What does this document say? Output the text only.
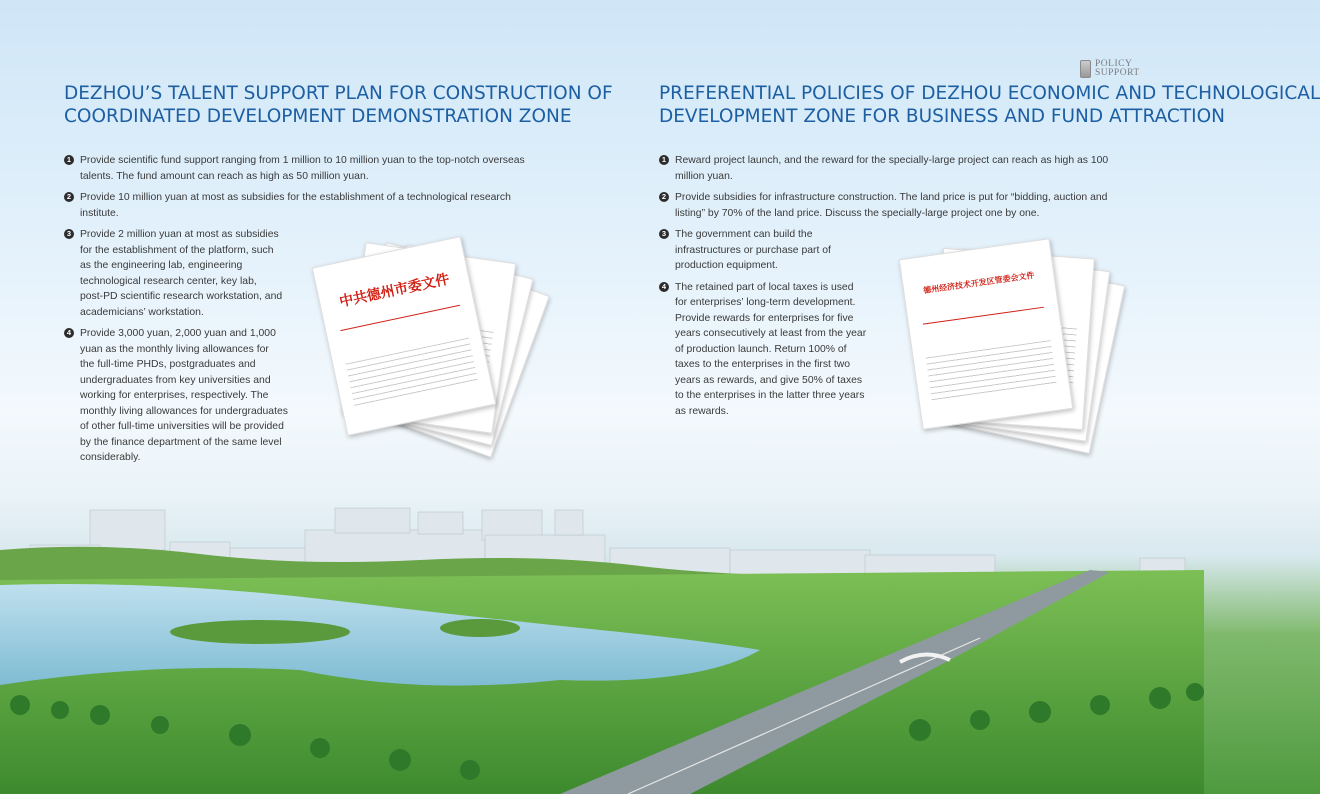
POLICY
SUPPORT
DEZHOU’S TALENT SUPPORT PLAN FOR CONSTRUCTION OF
COORDINATED DEVELOPMENT DEMONSTRATION ZONE
1 Provide scientific fund support ranging from 1 million to 10 million yuan to the top-notch overseas
talents. The fund amount can reach as high as 50 million yuan.
2 Provide 10 million yuan at most as subsidies for the establishment of a technological research
institute.
3 Provide 2 million yuan at most as subsidies
for the establishment of the platform, such
as the engineering lab, engineering
technological research center, key lab,
post-PD scientific research workstation, and
academicians’ workstation.
4 Provide 3,000 yuan, 2,000 yuan and 1,000
yuan as the monthly living allowances for
the full-time PHDs, postgraduates and
undergraduates from key universities and
working for enterprises, respectively. The
monthly living allowances for undergraduates
of other full-time universities will be provided
by the finance department of the same level
considerably.
中共德州市委文件
PREFERENTIAL POLICIES OF DEZHOU ECONOMIC AND TECHNOLOGICAL
DEVELOPMENT ZONE FOR BUSINESS AND FUND ATTRACTION
1 Reward project launch, and the reward for the specially-large project can reach as high as 100
million yuan.
2 Provide subsidies for infrastructure construction. The land price is put for “bidding, auction and
listing” by 70% of the land price. Discuss the specially-large project one by one.
3 The government can build the
infrastructures or purchase part of
production equipment.
4 The retained part of local taxes is used
for enterprises’ long-term development.
Provide rewards for enterprises for five
years consecutively at least from the year
of production launch. Return 100% of
taxes to the enterprises in the first two
years as rewards, and give 50% of taxes
to the enterprises in the latter three years
as rewards.
德州经济技术开发区管委会文件
